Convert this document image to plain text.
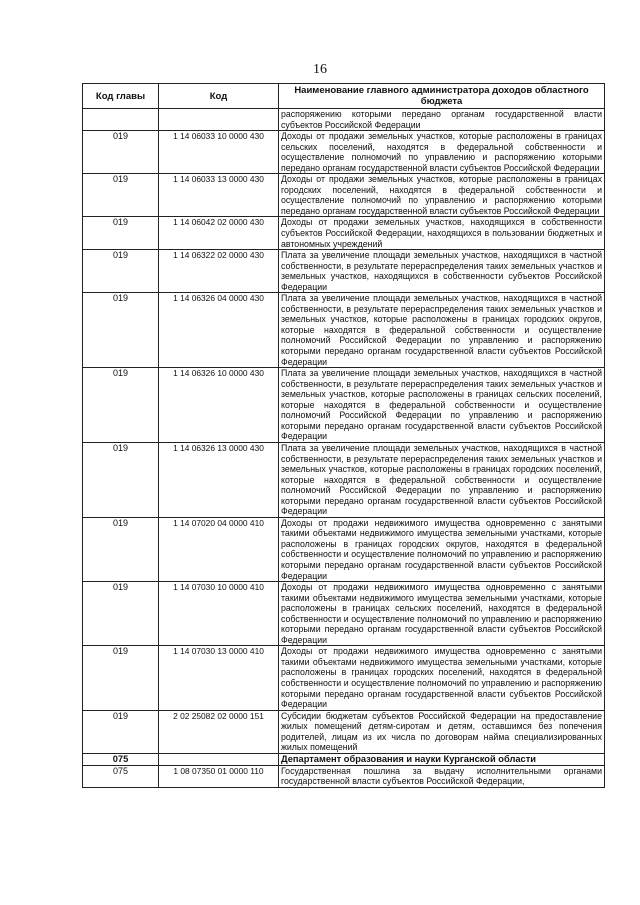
16
Код главы	Код	Наименование главного администратора доходов областного бюджета
		распоряжению которыми передано органам государственной власти субъектов Российской Федерации
019	1 14 06033 10 0000 430	Доходы от продажи земельных участков, которые расположены в границах сельских поселений, находятся в федеральной собственности и осуществление полномочий по управлению и распоряжению которыми передано органам государственной власти субъектов Российской Федерации
019	1 14 06033 13 0000 430	Доходы от продажи земельных участков, которые расположены в границах городских поселений, находятся в федеральной собственности и осуществление полномочий по управлению и распоряжению которыми передано органам государственной власти субъектов Российской Федерации
019	1 14 06042 02 0000 430	Доходы от продажи земельных участков, находящихся в собственности субъектов Российской Федерации, находящихся в пользовании бюджетных и автономных учреждений
019	1 14 06322 02 0000 430	Плата за увеличение площади земельных участков, находящихся в частной собственности, в результате перераспределения таких земельных участков и земельных участков, находящихся в собственности субъектов Российской Федерации
019	1 14 06326 04 0000 430	Плата за увеличение площади земельных участков, находящихся в частной собственности, в результате перераспределения таких земельных участков и земельных участков, которые расположены в границах городских округов, которые находятся в федеральной собственности и осуществление полномочий Российской Федерации по управлению и распоряжению которыми передано органам государственной власти субъектов Российской Федерации
019	1 14 06326 10 0000 430	Плата за увеличение площади земельных участков, находящихся в частной собственности, в результате перераспределения таких земельных участков и земельных участков, которые расположены в границах сельских поселений, которые находятся в федеральной собственности и осуществление полномочий Российской Федерации по управлению и распоряжению которыми передано органам государственной власти субъектов Российской Федерации
019	1 14 06326 13 0000 430	Плата за увеличение площади земельных участков, находящихся в частной собственности, в результате перераспределения таких земельных участков и земельных участков, которые расположены в границах городских поселений, которые находятся в федеральной собственности и осуществление полномочий Российской Федерации по управлению и распоряжению которыми передано органам государственной власти субъектов Российской Федерации
019	1 14 07020 04 0000 410	Доходы от продажи недвижимого имущества одновременно с занятыми такими объектами недвижимого имущества земельными участками, которые расположены в границах городских округов, находятся в федеральной собственности и осуществление полномочий по управлению и распоряжению которыми передано органам государственной власти субъектов Российской Федерации
019	1 14 07030 10 0000 410	Доходы от продажи недвижимого имущества одновременно с занятыми такими объектами недвижимого имущества земельными участками, которые расположены в границах сельских поселений, находятся в федеральной собственности и осуществление полномочий по управлению и распоряжению которыми передано органам государственной власти субъектов Российской Федерации
019	1 14 07030 13 0000 410	Доходы от продажи недвижимого имущества одновременно с занятыми такими объектами недвижимого имущества земельными участками, которые расположены в границах городских поселений, находятся в федеральной собственности и осуществление полномочий по управлению и распоряжению которыми передано органам государственной власти субъектов Российской Федерации
019	2 02 25082 02 0000 151	Субсидии бюджетам субъектов Российской Федерации на предоставление жилых помещений детям-сиротам и детям, оставшимся без попечения родителей, лицам из их числа по договорам найма специализированных жилых помещений
075		Департамент образования и науки Курганской области
075	1 08 07350 01 0000 110	Государственная пошлина за выдачу исполнительными органами государственной власти субъектов Российской Федерации,
